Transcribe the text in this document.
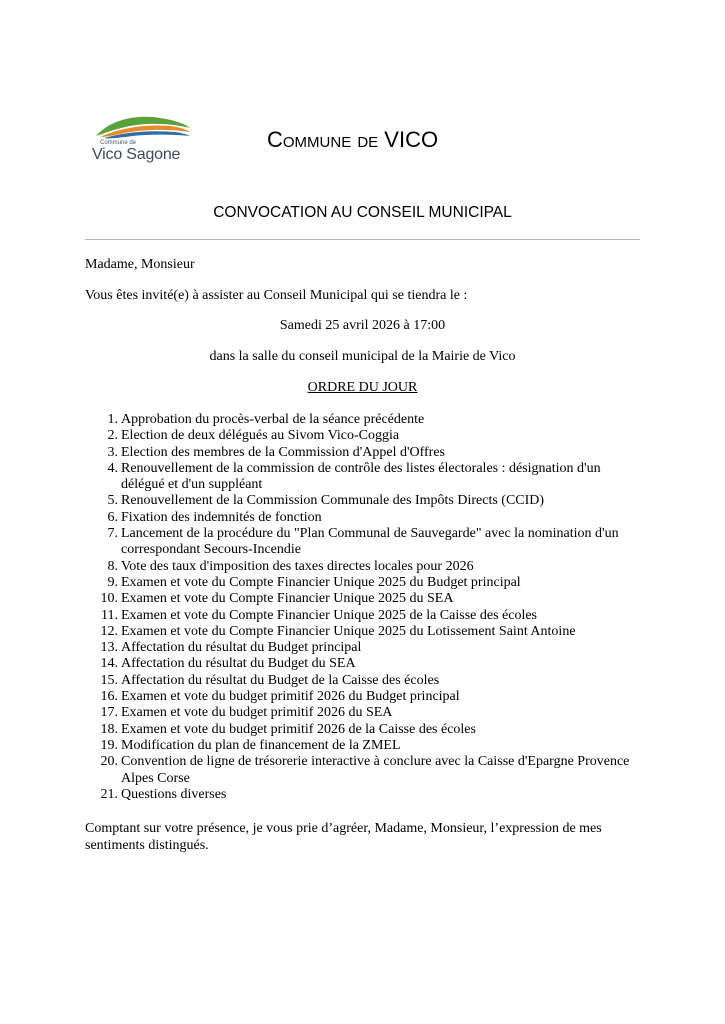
Commune de
Vico Sagone
Commune de VICO
CONVOCATION AU CONSEIL MUNICIPAL
Madame, Monsieur
Vous êtes invité(e) à assister au Conseil Municipal qui se tiendra le :
Samedi 25 avril 2026 à 17:00
dans la salle du conseil municipal de la Mairie de Vico
ORDRE DU JOUR
1. Approbation du procès-verbal de la séance précédente
2. Election de deux délégués au Sivom Vico-Coggia
3. Election des membres de la Commission d'Appel d'Offres
4. Renouvellement de la commission de contrôle des listes électorales : désignation d'un délégué et d'un suppléant
5. Renouvellement de la Commission Communale des Impôts Directs (CCID)
6. Fixation des indemnités de fonction
7. Lancement de la procédure du "Plan Communal de Sauvegarde" avec la nomination d'un correspondant Secours-Incendie
8. Vote des taux d'imposition des taxes directes locales pour 2026
9. Examen et vote du Compte Financier Unique 2025 du Budget principal
10. Examen et vote du Compte Financier Unique 2025 du SEA
11. Examen et vote du Compte Financier Unique 2025 de la Caisse des écoles
12. Examen et vote du Compte Financier Unique 2025 du Lotissement Saint Antoine
13. Affectation du résultat du Budget principal
14. Affectation du résultat du Budget du SEA
15. Affectation du résultat du Budget de la Caisse des écoles
16. Examen et vote du budget primitif 2026 du Budget principal
17. Examen et vote du budget primitif 2026 du SEA
18. Examen et vote du budget primitif 2026 de la Caisse des écoles
19. Modification du plan de financement de la ZMEL
20. Convention de ligne de trésorerie interactive à conclure avec la Caisse d'Epargne Provence Alpes Corse
21. Questions diverses
Comptant sur votre présence, je vous prie d’agréer, Madame, Monsieur, l’expression de mes sentiments distingués.
